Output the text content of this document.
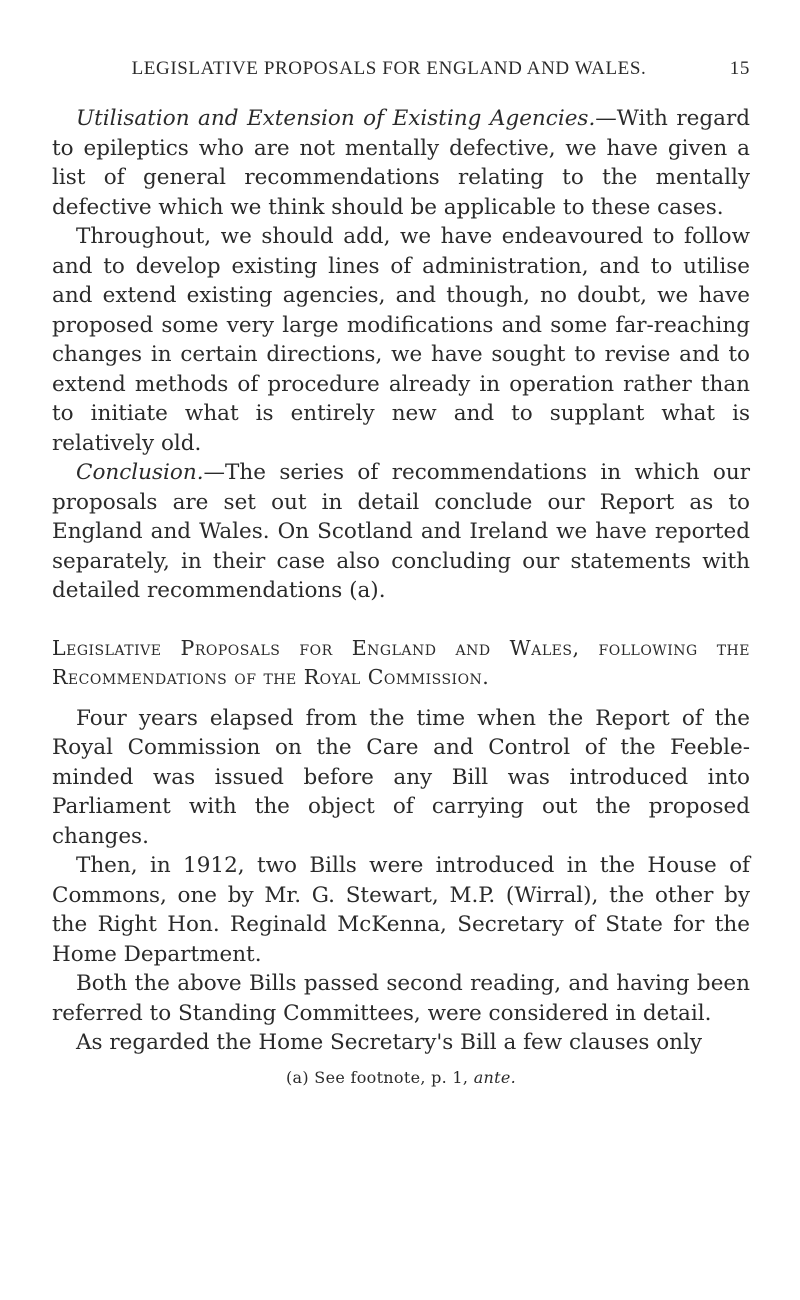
LEGISLATIVE PROPOSALS FOR ENGLAND AND WALES.	15

Utilisation and Extension of Existing Agencies.—With regard to epileptics who are not mentally defective, we have given a list of general recommendations relating to the mentally defective which we think should be applicable to these cases.

Throughout, we should add, we have endeavoured to follow and to develop existing lines of administration, and to utilise and extend existing agencies, and though, no doubt, we have proposed some very large modifications and some far-reaching changes in certain directions, we have sought to revise and to extend methods of procedure already in operation rather than to initiate what is entirely new and to supplant what is relatively old.

Conclusion.—The series of recommendations in which our proposals are set out in detail conclude our Report as to England and Wales. On Scotland and Ireland we have reported separately, in their case also concluding our statements with detailed recommendations (a).

Legislative Proposals for England and Wales, following the Recommendations of the Royal Commission.

Four years elapsed from the time when the Report of the Royal Commission on the Care and Control of the Feeble-minded was issued before any Bill was introduced into Parliament with the object of carrying out the proposed changes.

Then, in 1912, two Bills were introduced in the House of Commons, one by Mr. G. Stewart, M.P. (Wirral), the other by the Right Hon. Reginald McKenna, Secretary of State for the Home Department.

Both the above Bills passed second reading, and having been referred to Standing Committees, were considered in detail.

As regarded the Home Secretary's Bill a few clauses only

(a) See footnote, p. 1, ante.
